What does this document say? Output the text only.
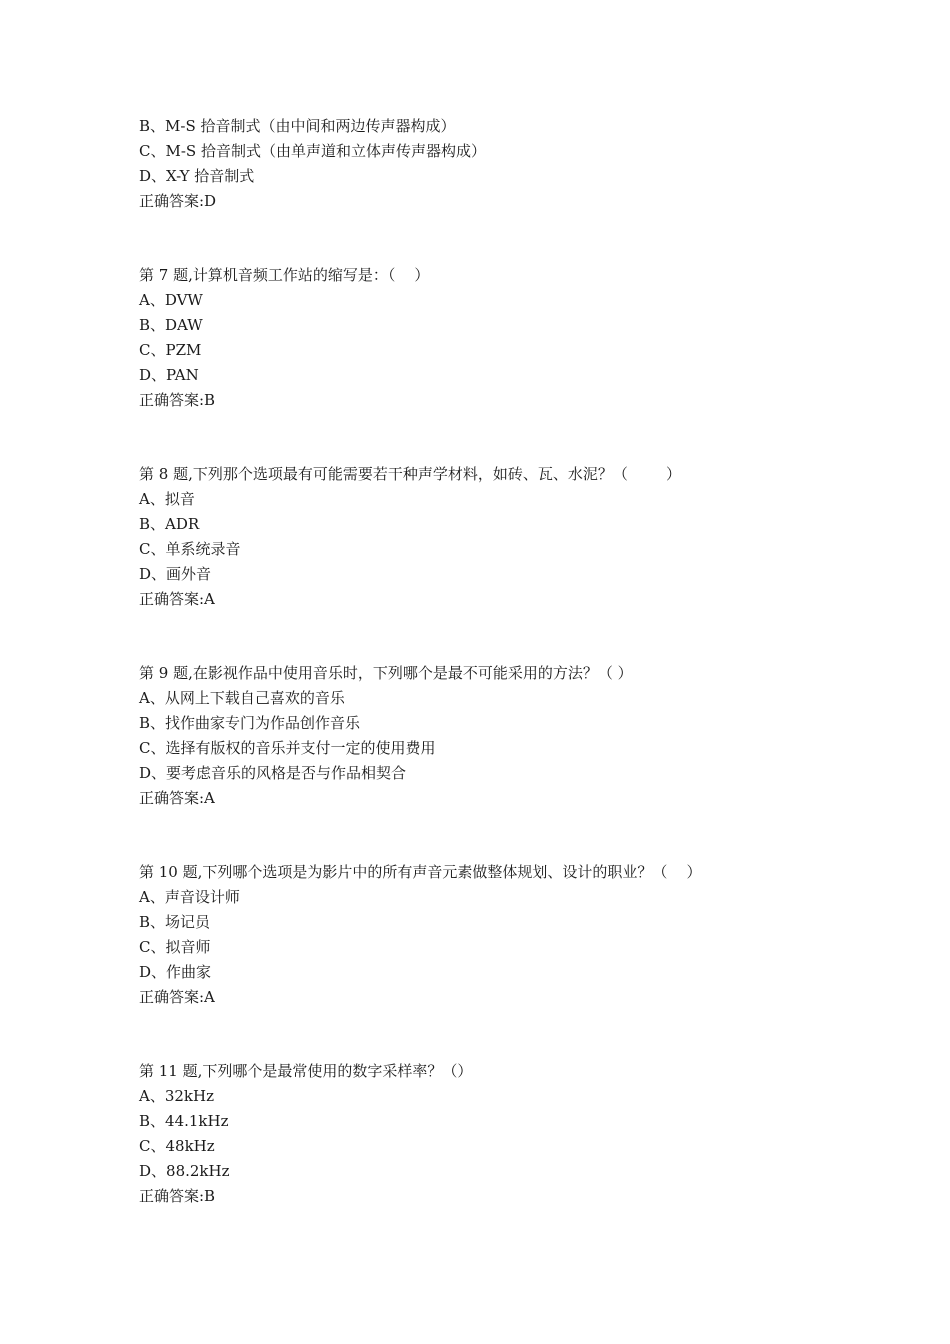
B、M-S 拾音制式（由中间和两边传声器构成）
C、M-S 拾音制式（由单声道和立体声传声器构成）
D、X-Y 拾音制式
正确答案:D
第 7 题,计算机音频工作站的缩写是：（    ）
A、DVW
B、DAW
C、PZM
D、PAN
正确答案:B
第 8 题,下列那个选项最有可能需要若干种声学材料，如砖、瓦、水泥？（        ）
A、拟音
B、ADR
C、单系统录音
D、画外音
正确答案:A
第 9 题,在影视作品中使用音乐时，下列哪个是最不可能采用的方法？（ ）
A、从网上下载自己喜欢的音乐
B、找作曲家专门为作品创作音乐
C、选择有版权的音乐并支付一定的使用费用
D、要考虑音乐的风格是否与作品相契合
正确答案:A
第 10 题,下列哪个选项是为影片中的所有声音元素做整体规划、设计的职业？（    ）
A、声音设计师
B、场记员
C、拟音师
D、作曲家
正确答案:A
第 11 题,下列哪个是最常使用的数字采样率？（）
A、32kHz
B、44.1kHz
C、48kHz
D、88.2kHz
正确答案:B
